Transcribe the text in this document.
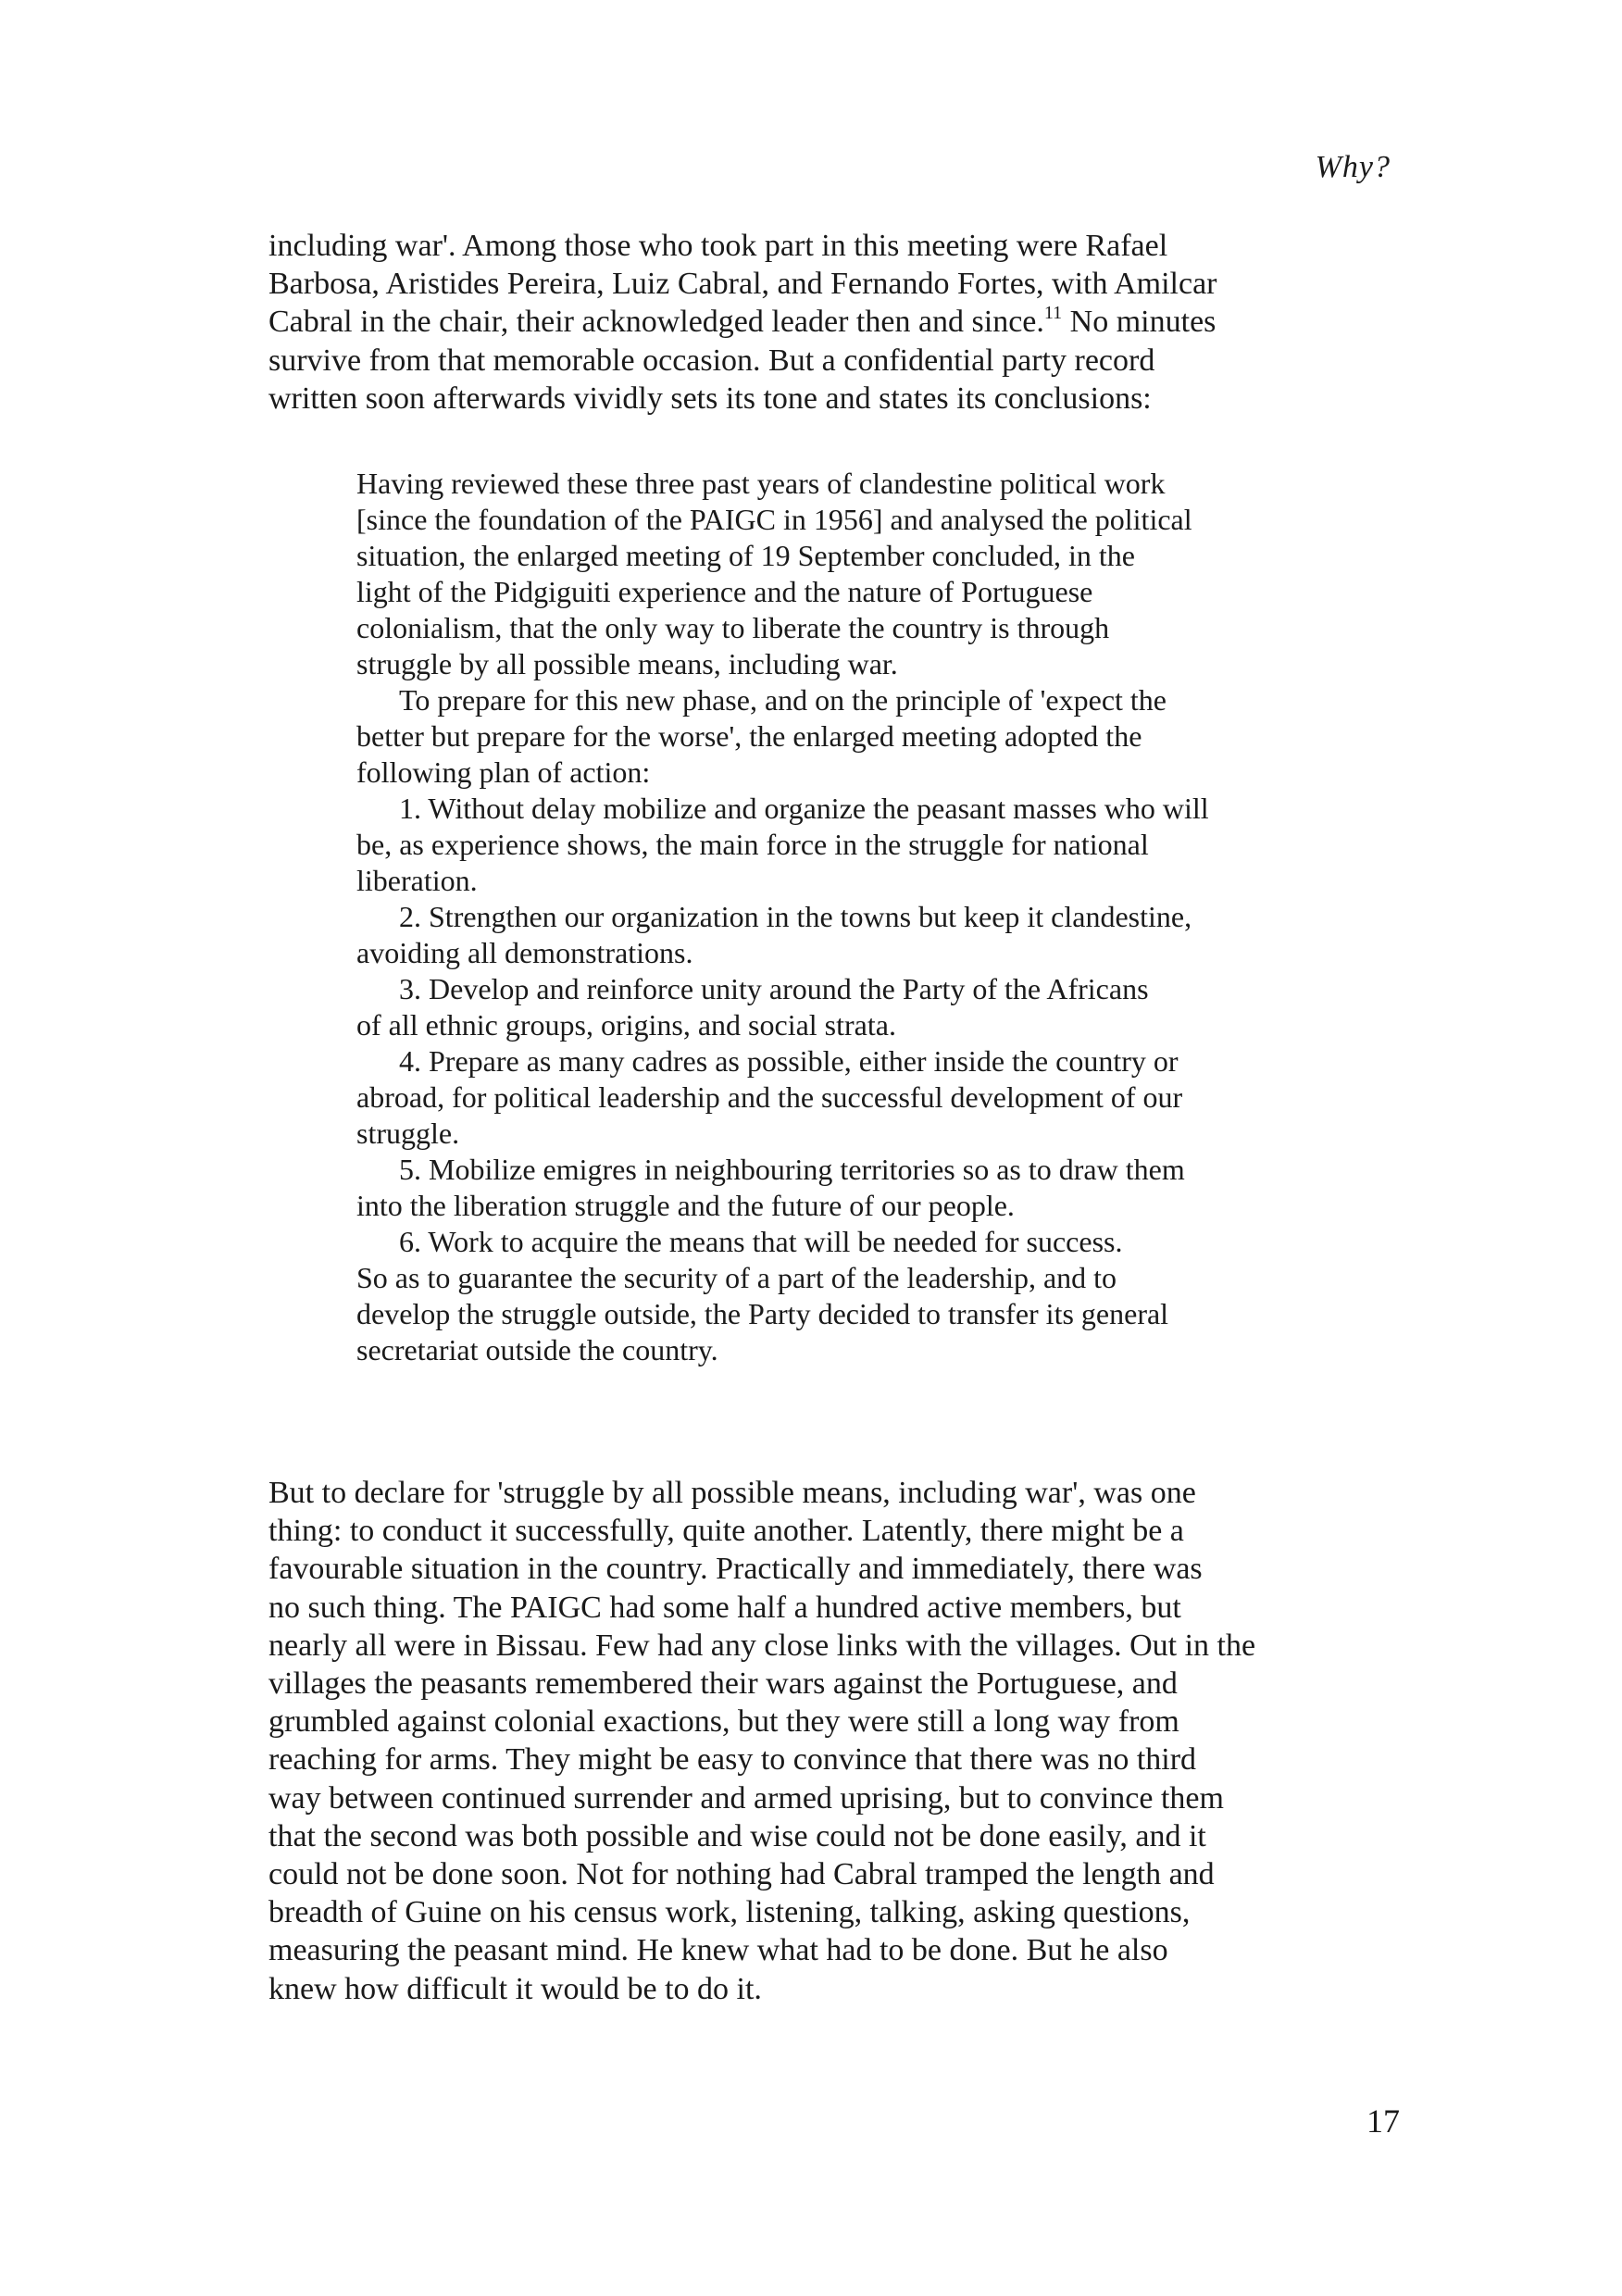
Why?
including war'. Among those who took part in this meeting were Rafael
Barbosa, Aristides Pereira, Luiz Cabral, and Fernando Fortes, with Amilcar
Cabral in the chair, their acknowledged leader then and since.$^{11}$ No minutes
survive from that memorable occasion. But a confidential party record
written soon afterwards vividly sets its tone and states its conclusions:
Having reviewed these three past years of clandestine political work
[since the foundation of the PAIGC in 1956] and analysed the political
situation, the enlarged meeting of 19 September concluded, in the
light of the Pidgiguiti experience and the nature of Portuguese
colonialism, that the only way to liberate the country is through
struggle by all possible means, including war.
To prepare for this new phase, and on the principle of 'expect the
better but prepare for the worse', the enlarged meeting adopted the
following plan of action:
1. Without delay mobilize and organize the peasant masses who will
be, as experience shows, the main force in the struggle for national
liberation.
2. Strengthen our organization in the towns but keep it clandestine,
avoiding all demonstrations.
3. Develop and reinforce unity around the Party of the Africans
of all ethnic groups, origins, and social strata.
4. Prepare as many cadres as possible, either inside the country or
abroad, for political leadership and the successful development of our
struggle.
5. Mobilize emigres in neighbouring territories so as to draw them
into the liberation struggle and the future of our people.
6. Work to acquire the means that will be needed for success.
So as to guarantee the security of a part of the leadership, and to
develop the struggle outside, the Party decided to transfer its general
secretariat outside the country.
But to declare for 'struggle by all possible means, including war', was one
thing: to conduct it successfully, quite another. Latently, there might be a
favourable situation in the country. Practically and immediately, there was
no such thing. The PAIGC had some half a hundred active members, but
nearly all were in Bissau. Few had any close links with the villages. Out in the
villages the peasants remembered their wars against the Portuguese, and
grumbled against colonial exactions, but they were still a long way from
reaching for arms. They might be easy to convince that there was no third
way between continued surrender and armed uprising, but to convince them
that the second was both possible and wise could not be done easily, and it
could not be done soon. Not for nothing had Cabral tramped the length and
breadth of Guine on his census work, listening, talking, asking questions,
measuring the peasant mind. He knew what had to be done. But he also
knew how difficult it would be to do it.
17
